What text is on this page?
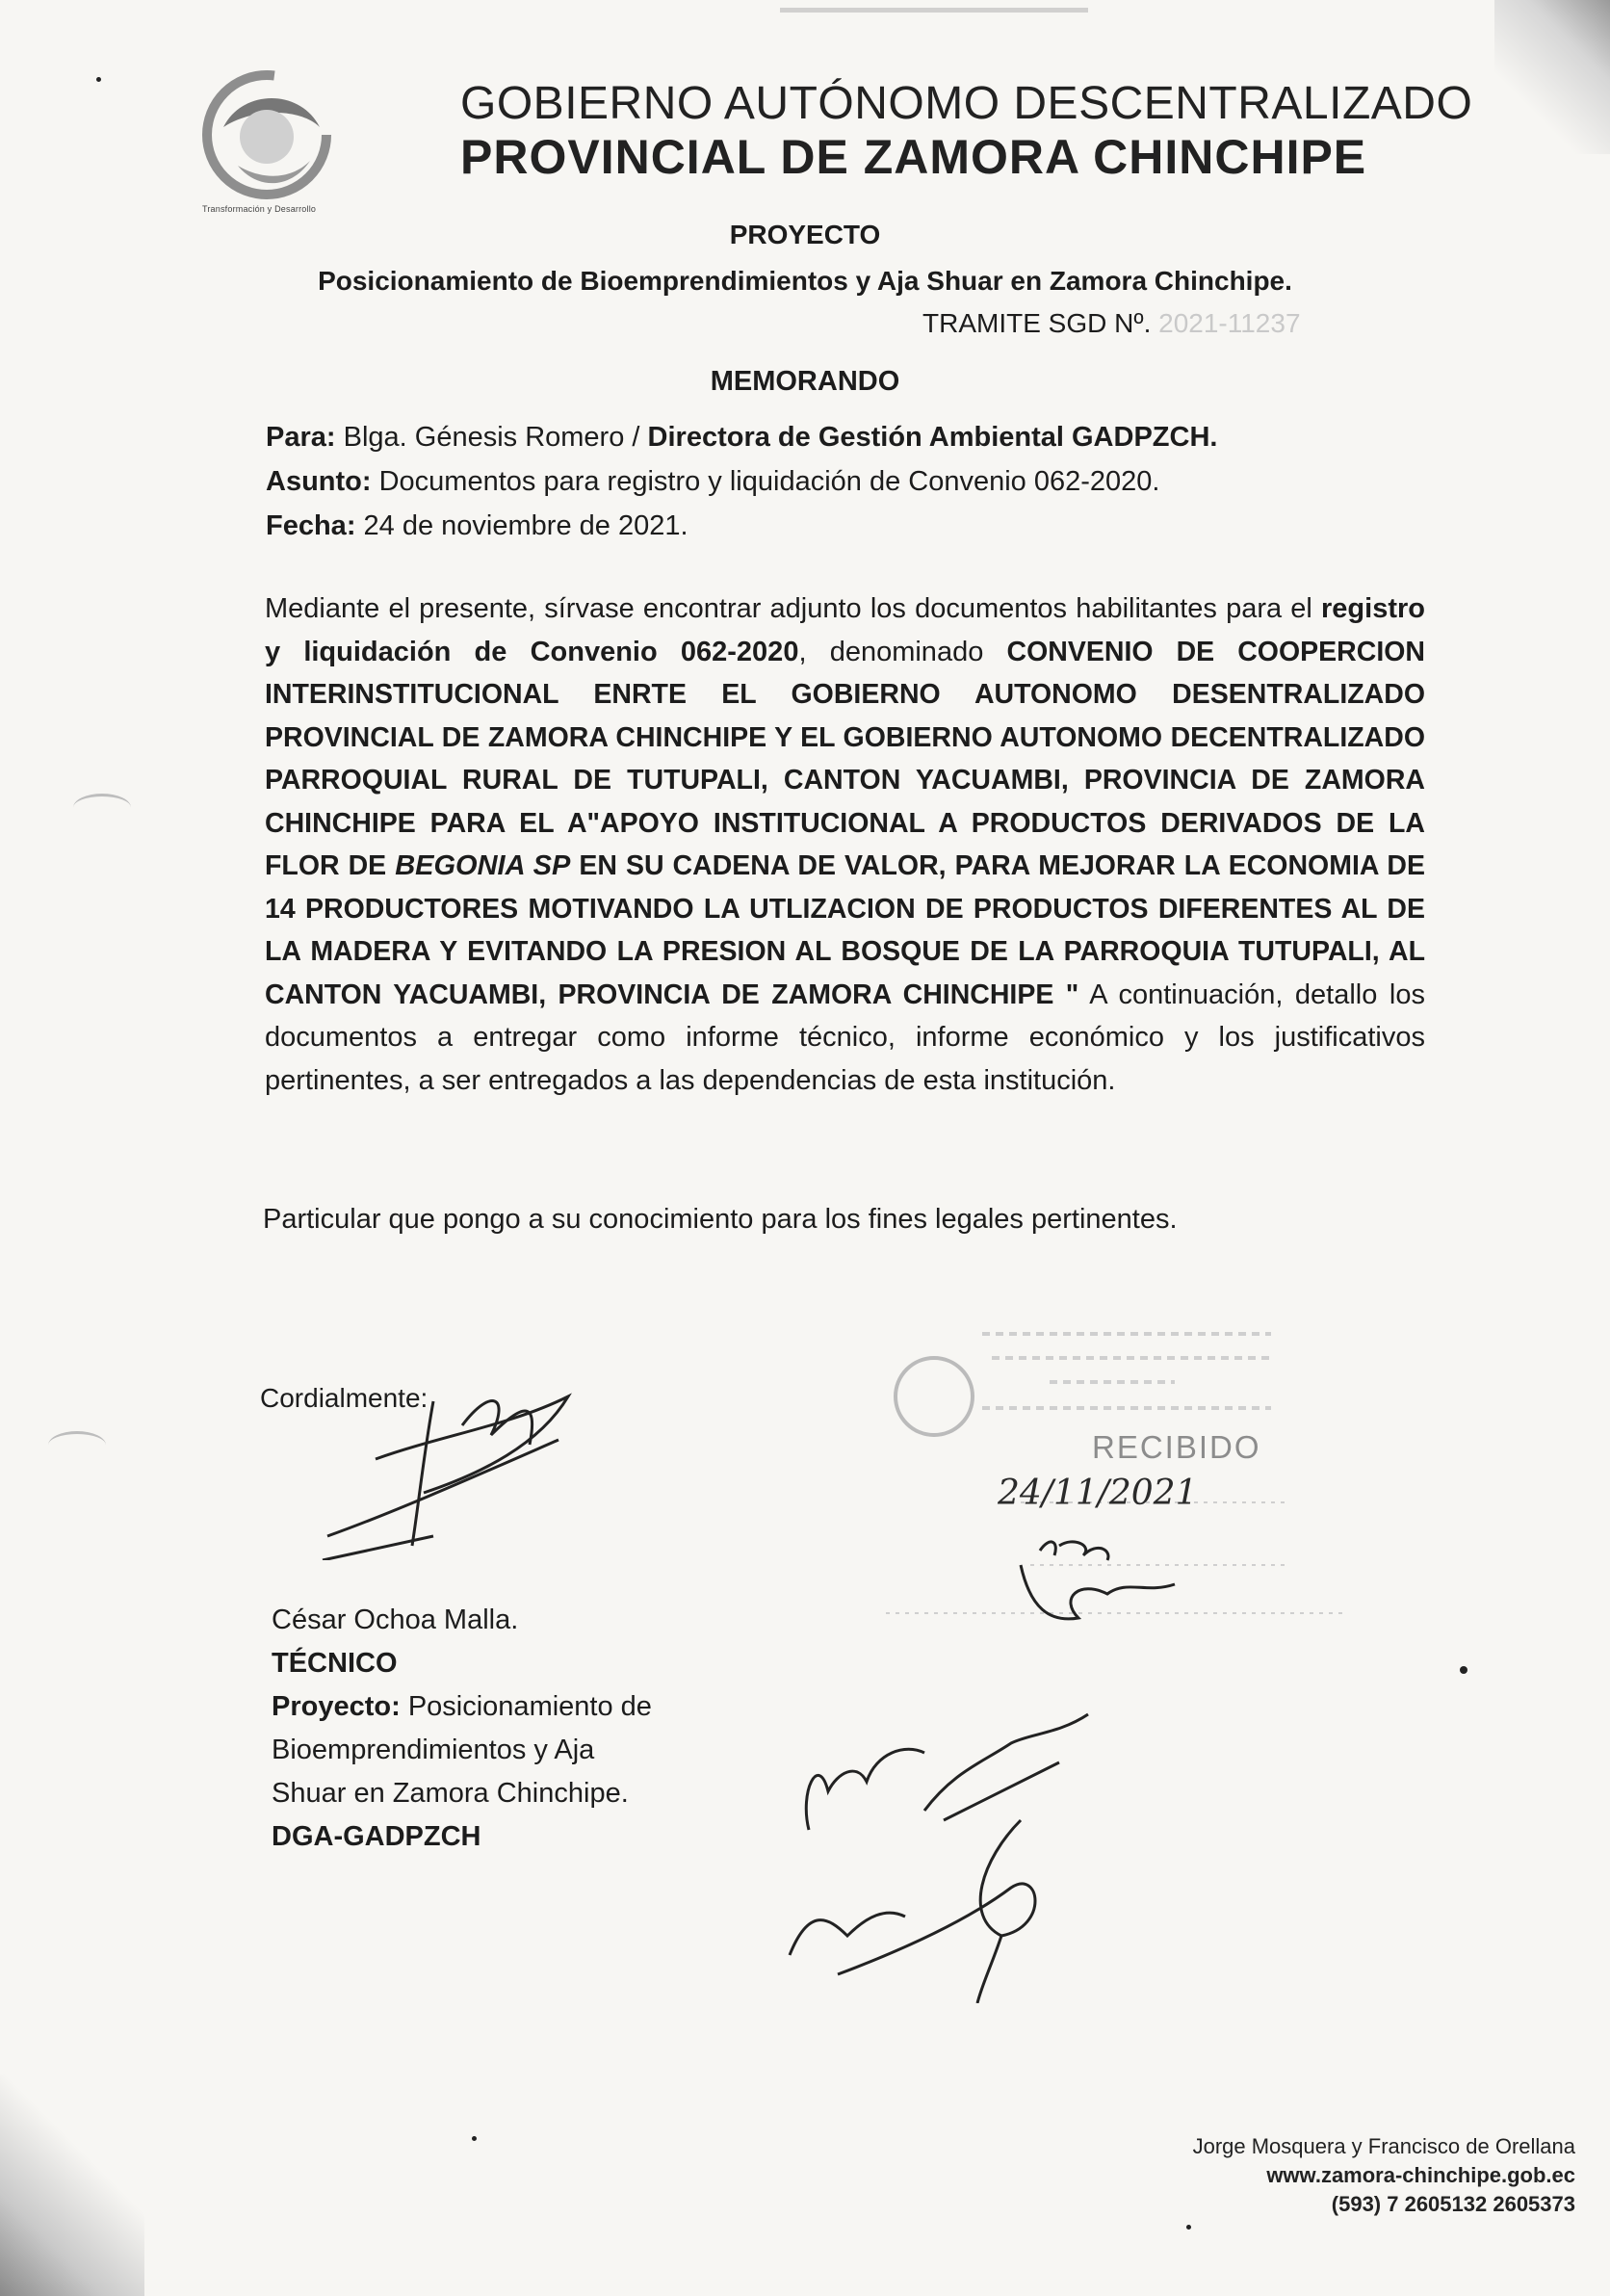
Transformación y Desarrollo
GOBIERNO AUTÓNOMO DESCENTRALIZADO
PROVINCIAL DE ZAMORA CHINCHIPE
PROYECTO
Posicionamiento de Bioemprendimientos y Aja Shuar en Zamora Chinchipe.
TRAMITE SGD Nº. 2021-11237
MEMORANDO
Para: Blga. Génesis Romero / Directora de Gestión Ambiental GADPZCH.
Asunto: Documentos para registro y liquidación de Convenio 062-2020.
Fecha: 24 de noviembre de 2021.
Mediante el presente, sírvase encontrar adjunto los documentos habilitantes para el registro y liquidación de Convenio 062-2020, denominado CONVENIO DE COOPERCION INTERINSTITUCIONAL ENRTE EL GOBIERNO AUTONOMO DESENTRALIZADO PROVINCIAL DE ZAMORA CHINCHIPE Y EL GOBIERNO AUTONOMO DECENTRALIZADO PARROQUIAL RURAL DE TUTUPALI, CANTON YACUAMBI, PROVINCIA DE ZAMORA CHINCHIPE PARA EL A"APOYO INSTITUCIONAL A PRODUCTOS DERIVADOS DE LA FLOR DE BEGONIA SP EN SU CADENA DE VALOR, PARA MEJORAR LA ECONOMIA DE 14 PRODUCTORES MOTIVANDO LA UTLIZACION DE PRODUCTOS DIFERENTES AL DE LA MADERA Y EVITANDO LA PRESION AL BOSQUE DE LA PARROQUIA TUTUPALI, AL CANTON YACUAMBI, PROVINCIA DE ZAMORA CHINCHIPE " A continuación, detallo los documentos a entregar como informe técnico, informe económico y los justificativos pertinentes, a ser entregados a las dependencias de esta institución.
Particular que pongo a su conocimiento para los fines legales pertinentes.
Cordialmente:
César Ochoa Malla.
TÉCNICO
Proyecto: Posicionamiento de
Bioemprendimientos y Aja
Shuar en Zamora Chinchipe.
DGA-GADPZCH
RECIBIDO
24/11/2021
Jorge Mosquera y Francisco de Orellana
www.zamora-chinchipe.gob.ec
(593) 7 2605132 2605373
